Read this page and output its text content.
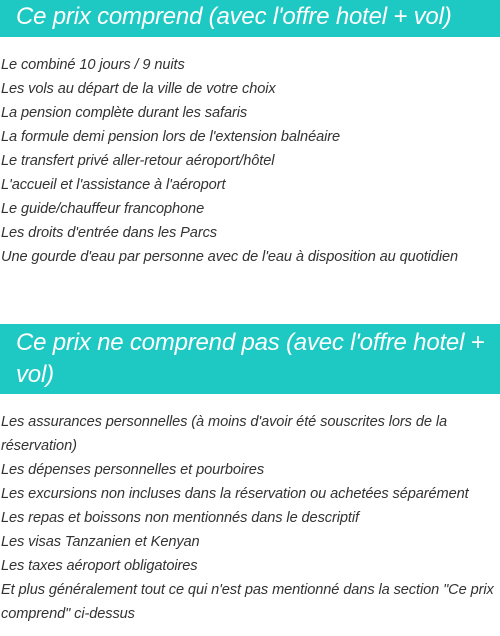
Ce prix comprend (avec l'offre hotel + vol)
Le combiné 10 jours / 9 nuits
Les vols au départ de la ville de votre choix
La pension complète durant les safaris
La formule demi pension lors de l'extension balnéaire
Le transfert privé aller-retour aéroport/hôtel
L'accueil et l'assistance à l'aéroport
Le guide/chauffeur francophone
Les droits d'entrée dans les Parcs
Une gourde d'eau par personne avec de l'eau à disposition au quotidien
Ce prix ne comprend pas (avec l'offre hotel + vol)
Les assurances personnelles (à moins d'avoir été souscrites lors de la réservation)
Les dépenses personnelles et pourboires
Les excursions non incluses dans la réservation ou achetées séparément
Les repas et boissons non mentionnés dans le descriptif
Les visas Tanzanien et Kenyan
Les taxes aéroport obligatoires
Et plus généralement tout ce qui n'est pas mentionné dans la section "Ce prix comprend" ci-dessus
